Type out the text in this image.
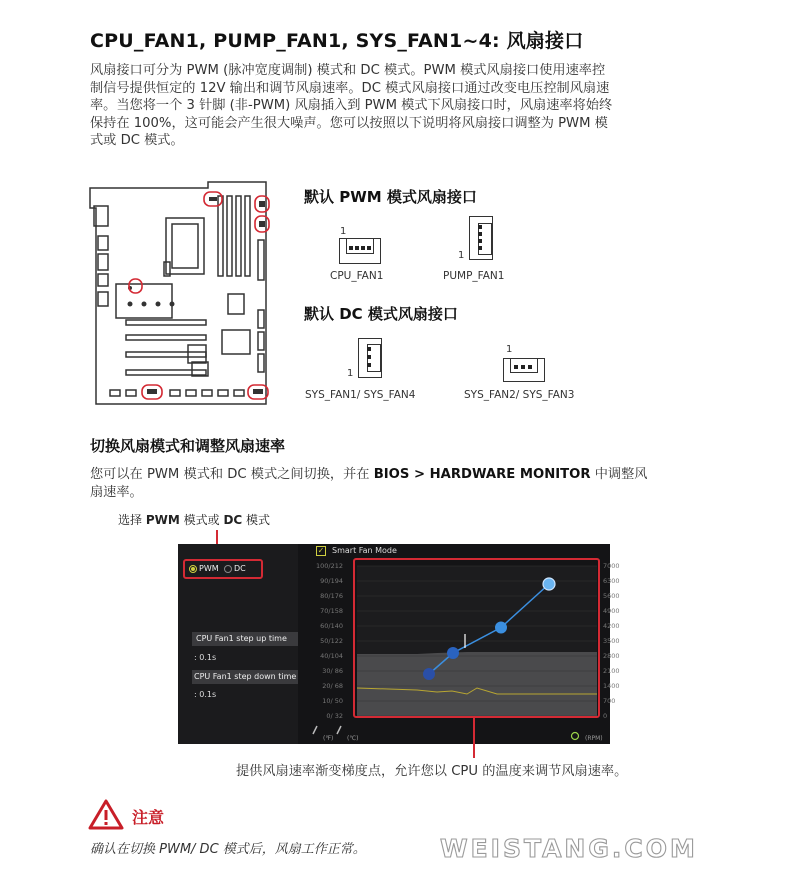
CPU_FAN1, PUMP_FAN1, SYS_FAN1~4: 风扇接口
风扇接口可分为 PWM (脉冲宽度调制) 模式和 DC 模式。PWM 模式风扇接口使用速率控
制信号提供恒定的 12V 输出和调节风扇速率。DC 模式风扇接口通过改变电压控制风扇速
率。当您将一个 3 针脚 (非-PWM) 风扇插入到 PWM 模式下风扇接口时，风扇速率将始终
保持在 100%，这可能会产生很大噪声。您可以按照以下说明将风扇接口调整为 PWM 模
式或 DC 模式。
默认 PWM 模式风扇接口
1
CPU_FAN1
1
PUMP_FAN1
默认 DC 模式风扇接口
1
SYS_FAN1/ SYS_FAN4
1
SYS_FAN2/ SYS_FAN3
切换风扇模式和调整风扇速率
您可以在 PWM 模式和 DC 模式之间切换，并在 BIOS > HARDWARE MONITOR 中调整风
扇速率。
选择 PWM 模式或 DC 模式
PWM DC
CPU Fan1 step up time
: 0.1s
CPU Fan1 step down time
: 0.1s
✓ Smart Fan Mode
100/212	7000
90/194	6300
80/176	5600
70/158	4900
60/140	4200
50/122	3500
40/104	2800
30/ 86	2100
20/ 68	1400
10/ 50	700
0/ 32	0
(℉) (℃)	(RPM)
提供风扇速率渐变梯度点，允许您以 CPU 的温度来调节风扇速率。
注意
确认在切换 PWM/ DC 模式后，风扇工作正常。	WEISTANG.COM
